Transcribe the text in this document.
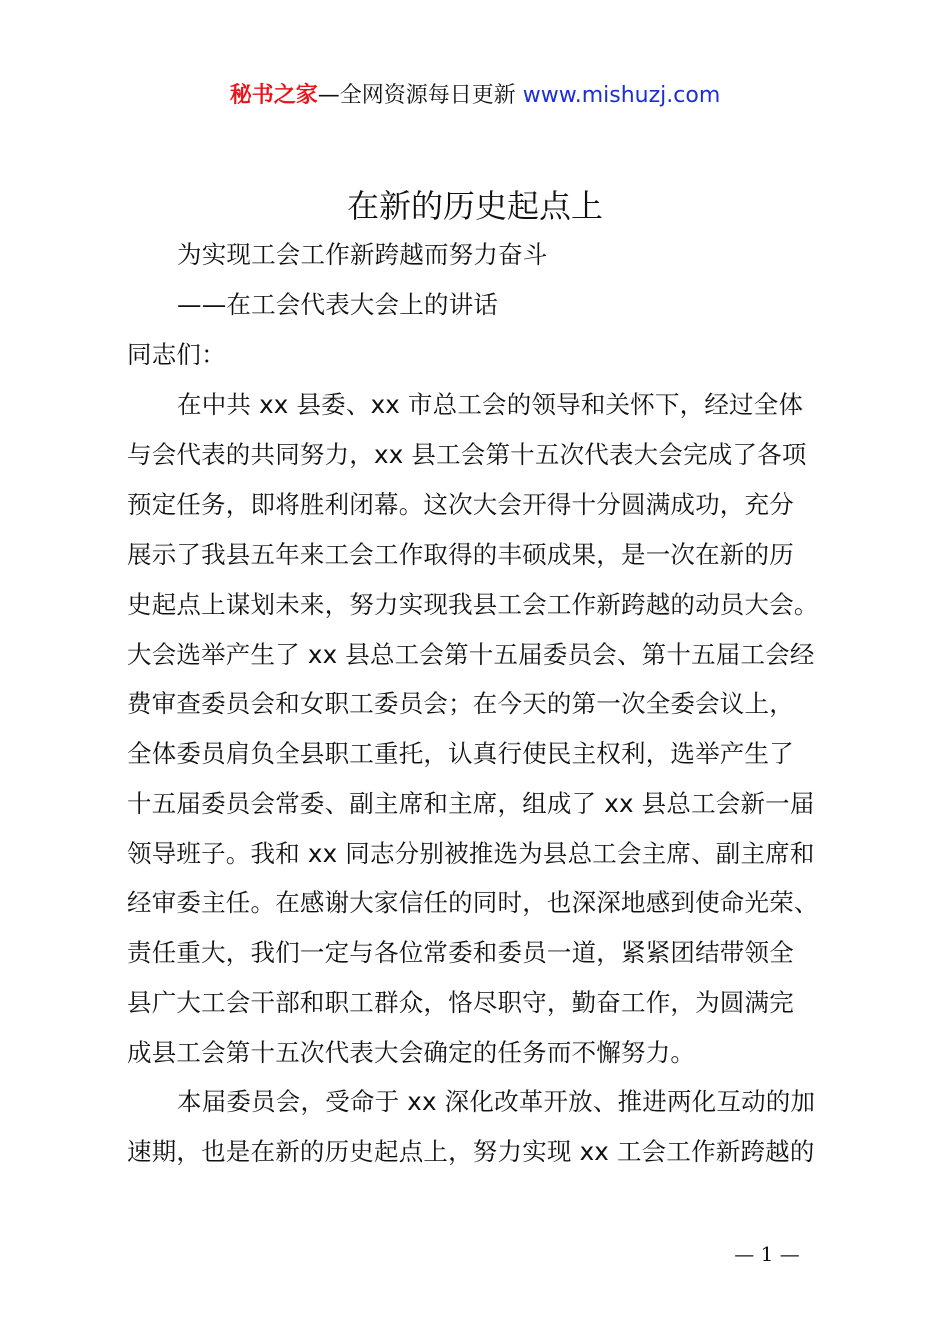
秘书之家—全网资源每日更新 www.mishuzj.com
在新的历史起点上
为实现工会工作新跨越而努力奋斗
——在工会代表大会上的讲话
同志们：
在中共 xx 县委、xx 市总工会的领导和关怀下，经过全体
与会代表的共同努力，xx 县工会第十五次代表大会完成了各项
预定任务，即将胜利闭幕。这次大会开得十分圆满成功，充分
展示了我县五年来工会工作取得的丰硕成果，是一次在新的历
史起点上谋划未来，努力实现我县工会工作新跨越的动员大会。
大会选举产生了 xx 县总工会第十五届委员会、第十五届工会经
费审查委员会和女职工委员会；在今天的第一次全委会议上，
全体委员肩负全县职工重托，认真行使民主权利，选举产生了
十五届委员会常委、副主席和主席，组成了 xx 县总工会新一届
领导班子。我和 xx 同志分别被推选为县总工会主席、副主席和
经审委主任。在感谢大家信任的同时，也深深地感到使命光荣、
责任重大，我们一定与各位常委和委员一道，紧紧团结带领全
县广大工会干部和职工群众，恪尽职守，勤奋工作，为圆满完
成县工会第十五次代表大会确定的任务而不懈努力。
本届委员会，受命于 xx 深化改革开放、推进两化互动的加
速期，也是在新的历史起点上，努力实现 xx 工会工作新跨越的
— 1 —
